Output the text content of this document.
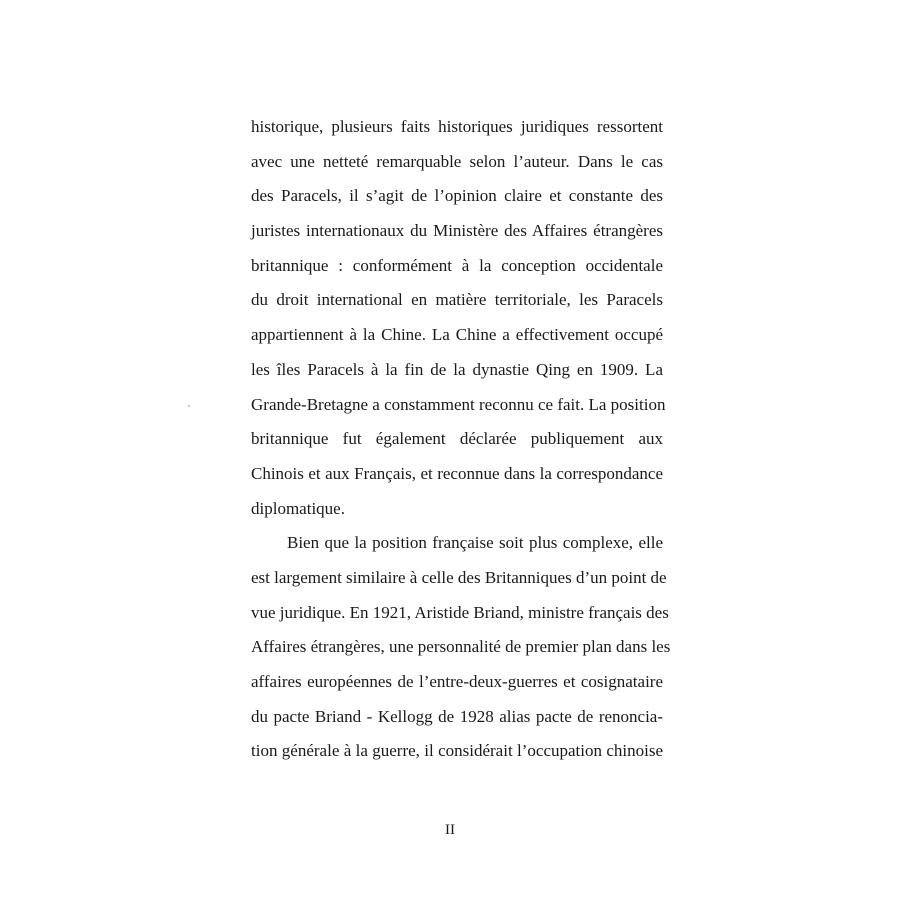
historique, plusieurs faits historiques juridiques ressortent
avec une netteté remarquable selon l’auteur. Dans le cas
des Paracels, il s’agit de l’opinion claire et constante des
juristes internationaux du Ministère des Affaires étrangères
britannique : conformément à la conception occidentale
du droit international en matière territoriale, les Paracels
appartiennent à la Chine. La Chine a effectivement occupé
les îles Paracels à la fin de la dynastie Qing en 1909. La
Grande-Bretagne a constamment reconnu ce fait. La position
britannique fut également déclarée publiquement aux
Chinois et aux Français, et reconnue dans la correspondance
diplomatique.
Bien que la position française soit plus complexe, elle
est largement similaire à celle des Britanniques d’un point de
vue juridique. En 1921, Aristide Briand, ministre français des
Affaires étrangères, une personnalité de premier plan dans les
affaires européennes de l’entre-deux-guerres et cosignataire
du pacte Briand - Kellogg de 1928 alias pacte de renoncia-
tion générale à la guerre, il considérait l’occupation chinoise
II
